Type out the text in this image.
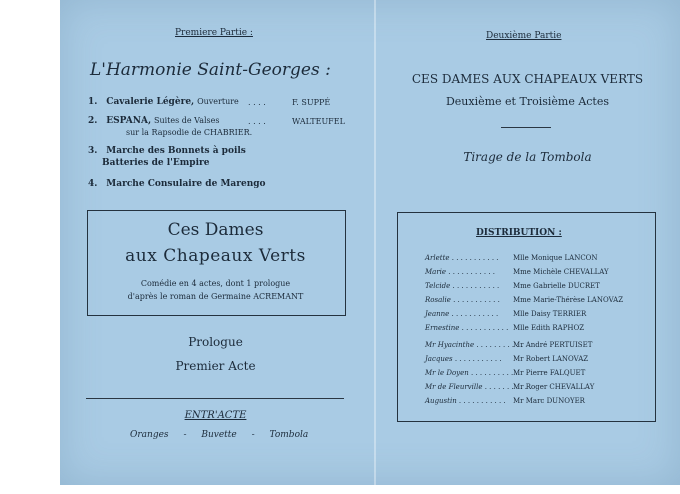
Premiere Partie :
L'Harmonie Saint-Georges :
1. Cavalerie Légère, Ouverture . . . .	F. SUPPÉ
2. ESPANA, Suites de Valses	. . . .	WALTEUFEL
sur la Rapsodie de CHABRIER.
3. Marche des Bonnets à poils
Batteries de l'Empire
4. Marche Consulaire de Marengo
Ces Dames
aux Chapeaux Verts
Comédie en 4 actes, dont 1 prologue
d'après le roman de Germaine ACREMANT
Prologue
Premier Acte
ENTR'ACTE
Oranges - Buvette - Tombola
Deuxième Partie
CES DAMES AUX CHAPEAUX VERTS
Deuxième et Troisième Actes
Tirage de la Tombola
DISTRIBUTION :
Arlette . . . . . . . . . . . Mlle Monique LANCON
Marie . . . . . . . . . . .	Mme Michèle CHEVALLAY
Telcide . . . . . . . . . . . Mme Gabrielle DUCRET
Rosalie . . . . . . . . . . . Mme Marie-Thérèse LANOVAZ
Jeanne . . . . . . . . . . . Mlle Daisy TERRIER
Ernestine . . . . . . . . . . . Mlle Edith RAPHOZ
Mr Hyacinthe . . . . . . . . . . .Mr André PERTUISET
Jacques . . . . . . . . . . . Mr Robert LANOVAZ
Mr le Doyen . . . . . . . . . . .Mr Pierre FALQUET
Mr de Fleurville . . . . . . . . . . .Mr Roger CHEVALLAY
Augustin . . . . . . . . . . . Mr Marc DUNOYER
